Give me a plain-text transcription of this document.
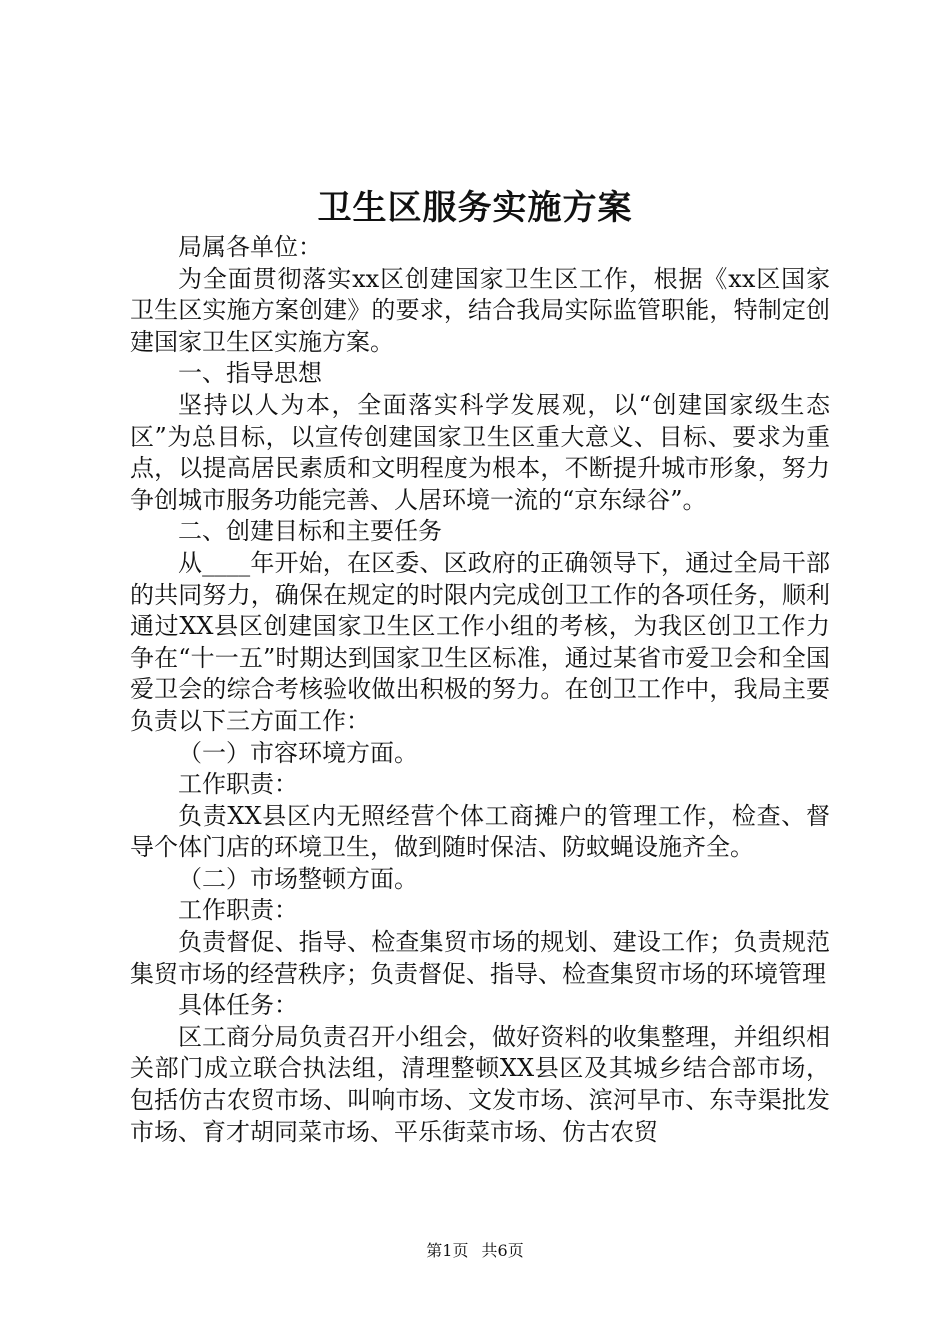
卫生区服务实施方案

局属各单位：

为全面贯彻落实xx区创建国家卫生区工作，根据《xx区国家卫生区实施方案创建》的要求，结合我局实际监管职能，特制定创建国家卫生区实施方案。

一、指导思想

坚持以人为本，全面落实科学发展观，以“创建国家级生态区”为总目标，以宣传创建国家卫生区重大意义、目标、要求为重点，以提高居民素质和文明程度为根本，不断提升城市形象，努力争创城市服务功能完善、人居环境一流的“京东绿谷”。

二、创建目标和主要任务

从____年开始，在区委、区政府的正确领导下，通过全局干部的共同努力，确保在规定的时限内完成创卫工作的各项任务，顺利通过XX县区创建国家卫生区工作小组的考核，为我区创卫工作力争在“十一五”时期达到国家卫生区标准，通过某省市爱卫会和全国爱卫会的综合考核验收做出积极的努力。在创卫工作中，我局主要负责以下三方面工作：

（一）市容环境方面。

工作职责：

负责XX县区内无照经营个体工商摊户的管理工作，检查、督导个体门店的环境卫生，做到随时保洁、防蚊蝇设施齐全。

（二）市场整顿方面。

工作职责：

负责督促、指导、检查集贸市场的规划、建设工作；负责规范集贸市场的经营秩序；负责督促、指导、检查集贸市场的环境管理

具体任务：

区工商分局负责召开小组会，做好资料的收集整理，并组织相关部门成立联合执法组，清理整顿XX县区及其城乡结合部市场，包括仿古农贸市场、叫响市场、文发市场、滨河早市、东寺渠批发市场、育才胡同菜市场、平乐街菜市场、仿古农贸

第1页 共6页
